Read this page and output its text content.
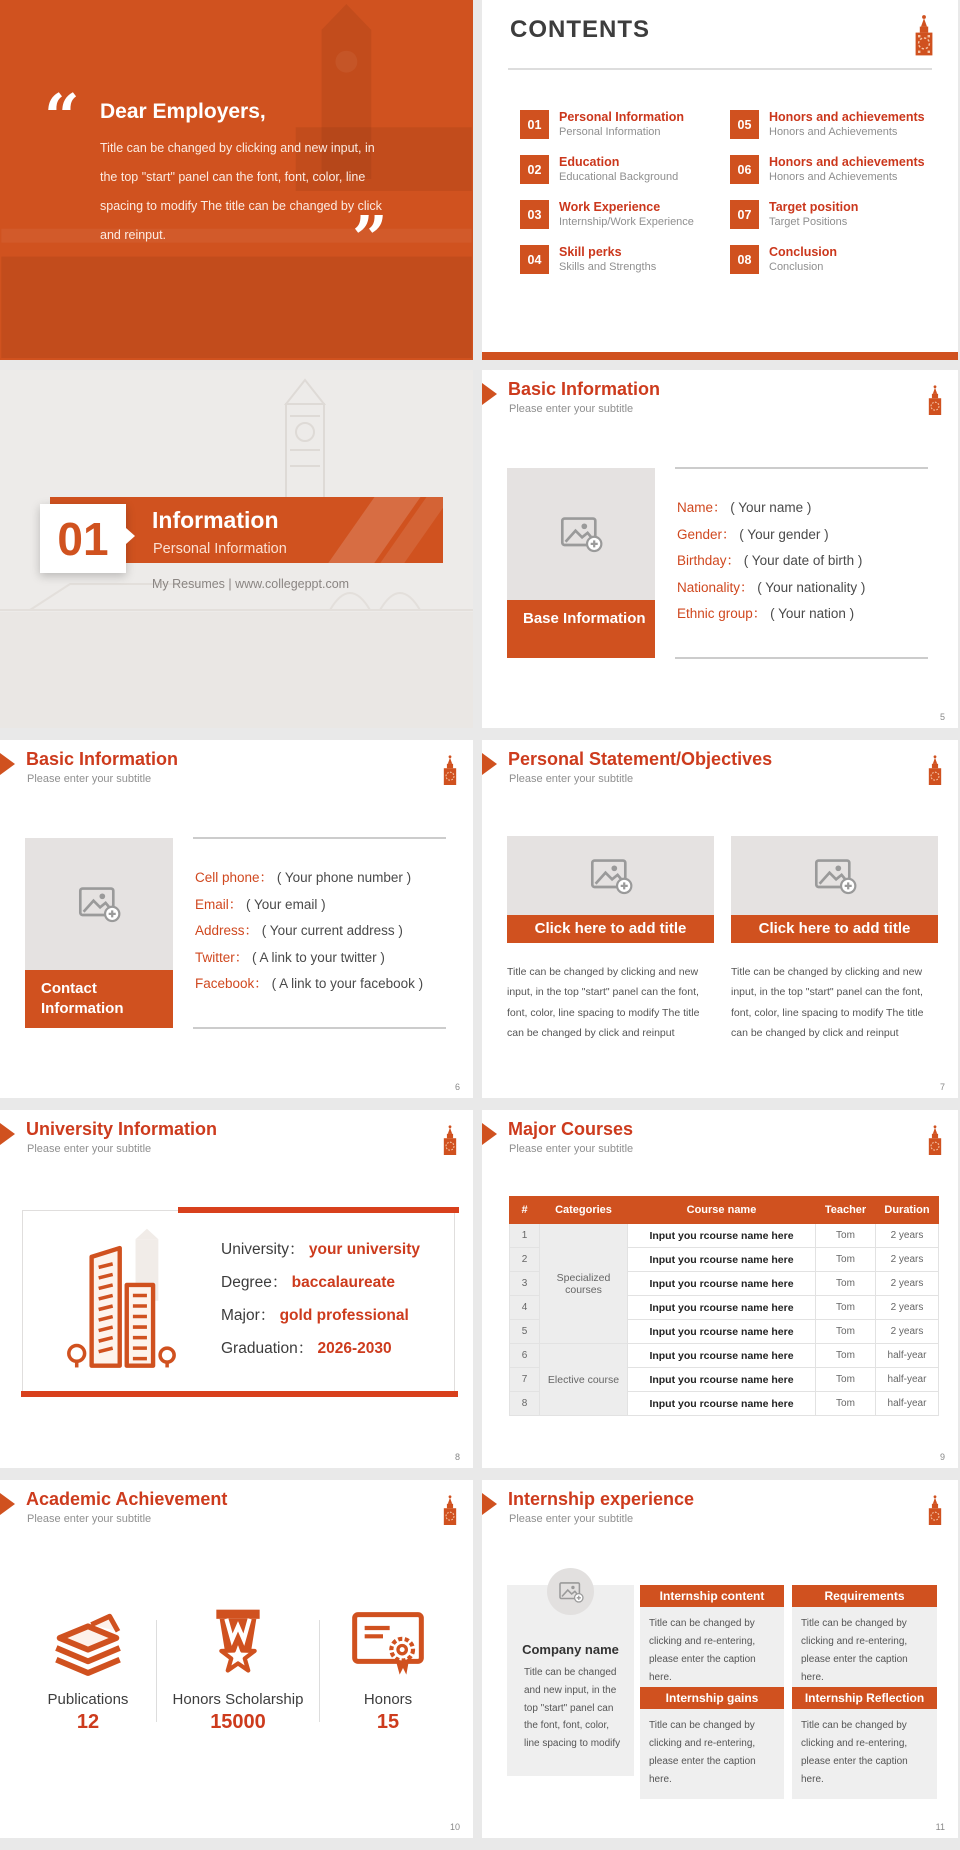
“ Dear Employers,
Title can be changed by clicking and new input, in the top "start" panel can the font, font, color, line spacing to modify The title can be changed by click and reinput.	”
CONTENTS
01
Personal Information
Personal Information
02
Education
Educational Background
03
Work Experience
Internship/Work Experience
04
Skill perks
Skills and Strengths
05
Honors and achievements
Honors and Achievements
06
Honors and achievements
Honors and Achievements
07
Target position
Target Positions
08
Conclusion
Conclusion
01	Information
Personal Information
My Resumes | www.collegeppt.com
Basic Information
Please enter your subtitle
Base Information
Name： ( Your name )
Gender： ( Your gender )
Birthday： ( Your date of birth )
Nationality： ( Your nationality )
Ethnic group： ( Your nation )
5
Basic Information
Please enter your subtitle
Contact Information
Cell phone： ( Your phone number )
Email： ( Your email )
Address： ( Your current address )
Twitter： ( A link to your twitter )
Facebook： ( A link to your facebook )
6
Personal Statement/Objectives
Please enter your subtitle
Click here to add title
Title can be changed by clicking and new input, in the top "start" panel can the font, font, color, line spacing to modify The title can be changed by click and reinput
Click here to add title
Title can be changed by clicking and new input, in the top "start" panel can the font, font, color, line spacing to modify The title can be changed by click and reinput
7
University Information
Please enter your subtitle
University： your university
Degree： baccalaureate
Major： gold professional
Graduation： 2026-2030
8
Major Courses
Please enter your subtitle
#	Categories	Course name	Teacher	Duration
1	Specialized courses	Input you rcourse name here	Tom	2 years
2		Input you rcourse name here	Tom	2 years
3		Input you rcourse name here	Tom	2 years
4		Input you rcourse name here	Tom	2 years
5		Input you rcourse name here	Tom	2 years
6	Elective course	Input you rcourse name here	Tom	half-year
7		Input you rcourse name here	Tom	half-year
8		Input you rcourse name here	Tom	half-year
9
Academic Achievement
Please enter your subtitle
Publications
12
Honors Scholarship
15000
Honors
15
10
Internship experience
Please enter your subtitle
Company name
Title can be changed and new input, in the top "start" panel can the font, font, color, line spacing to modify
Internship content
Title can be changed by clicking and re-entering, please enter the caption here.
Requirements
Title can be changed by clicking and re-entering, please enter the caption here.
Internship gains
Title can be changed by clicking and re-entering, please enter the caption here.
Internship Reflection
Title can be changed by clicking and re-entering, please enter the caption here.
11
